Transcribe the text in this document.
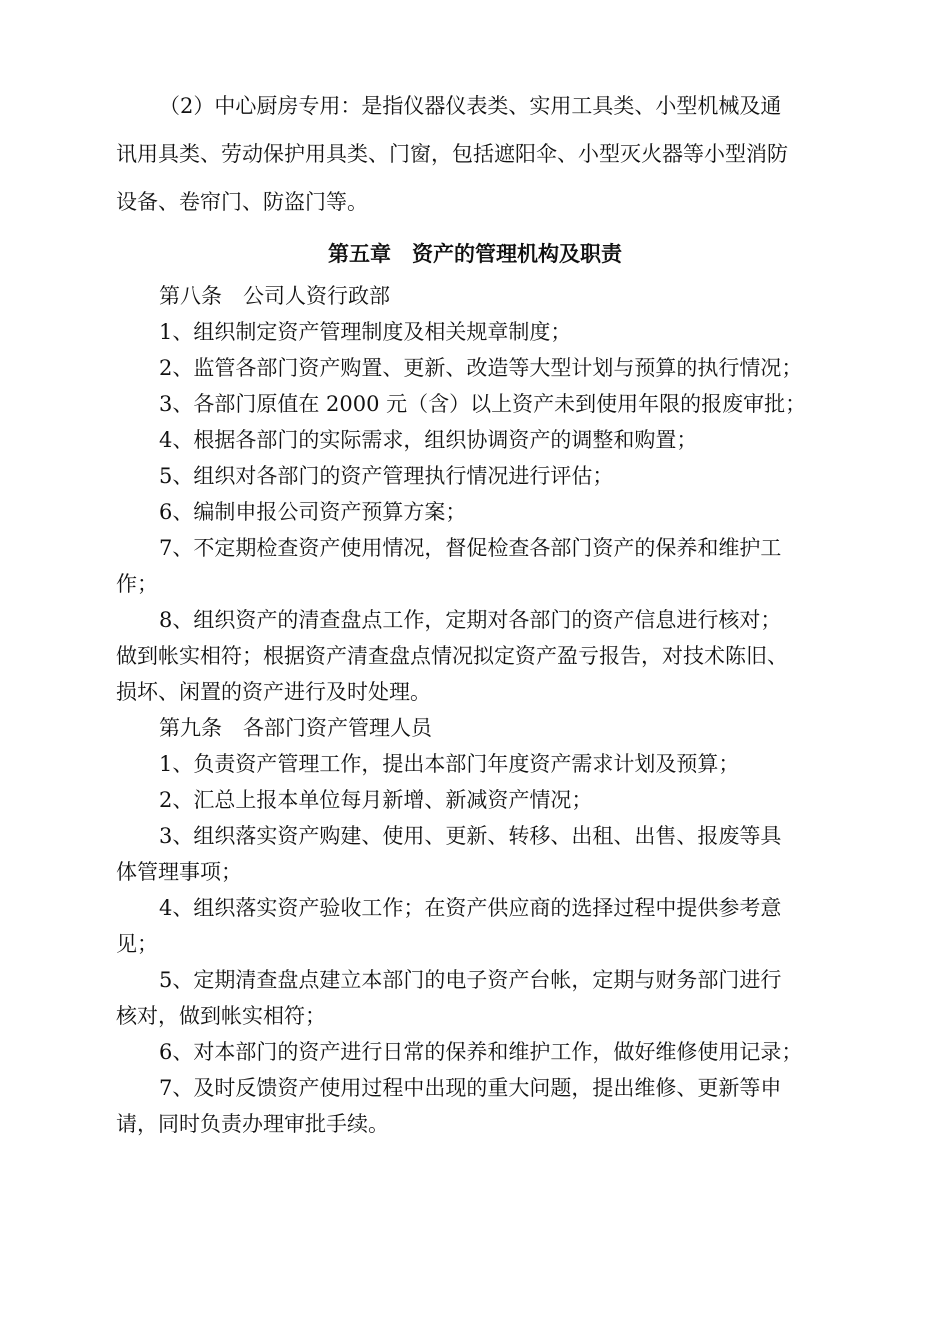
（2）中心厨房专用：是指仪器仪表类、实用工具类、小型机械及通
讯用具类、劳动保护用具类、门窗，包括遮阳伞、小型灭火器等小型消防
设备、卷帘门、防盗门等。
第五章　资产的管理机构及职责
第八条　公司人资行政部
1、组织制定资产管理制度及相关规章制度；
2、监管各部门资产购置、更新、改造等大型计划与预算的执行情况；
3、各部门原值在 2000 元（含）以上资产未到使用年限的报废审批；
4、根据各部门的实际需求，组织协调资产的调整和购置；
5、组织对各部门的资产管理执行情况进行评估；
6、编制申报公司资产预算方案；
7、不定期检查资产使用情况，督促检查各部门资产的保养和维护工
作；
8、组织资产的清查盘点工作，定期对各部门的资产信息进行核对；
做到帐实相符；根据资产清查盘点情况拟定资产盈亏报告，对技术陈旧、
损坏、闲置的资产进行及时处理。
第九条　各部门资产管理人员
1、负责资产管理工作，提出本部门年度资产需求计划及预算；
2、汇总上报本单位每月新增、新减资产情况；
3、组织落实资产购建、使用、更新、转移、出租、出售、报废等具
体管理事项；
4、组织落实资产验收工作；在资产供应商的选择过程中提供参考意
见；
5、定期清查盘点建立本部门的电子资产台帐，定期与财务部门进行
核对，做到帐实相符；
6、对本部门的资产进行日常的保养和维护工作，做好维修使用记录；
7、及时反馈资产使用过程中出现的重大问题，提出维修、更新等申
请，同时负责办理审批手续。
